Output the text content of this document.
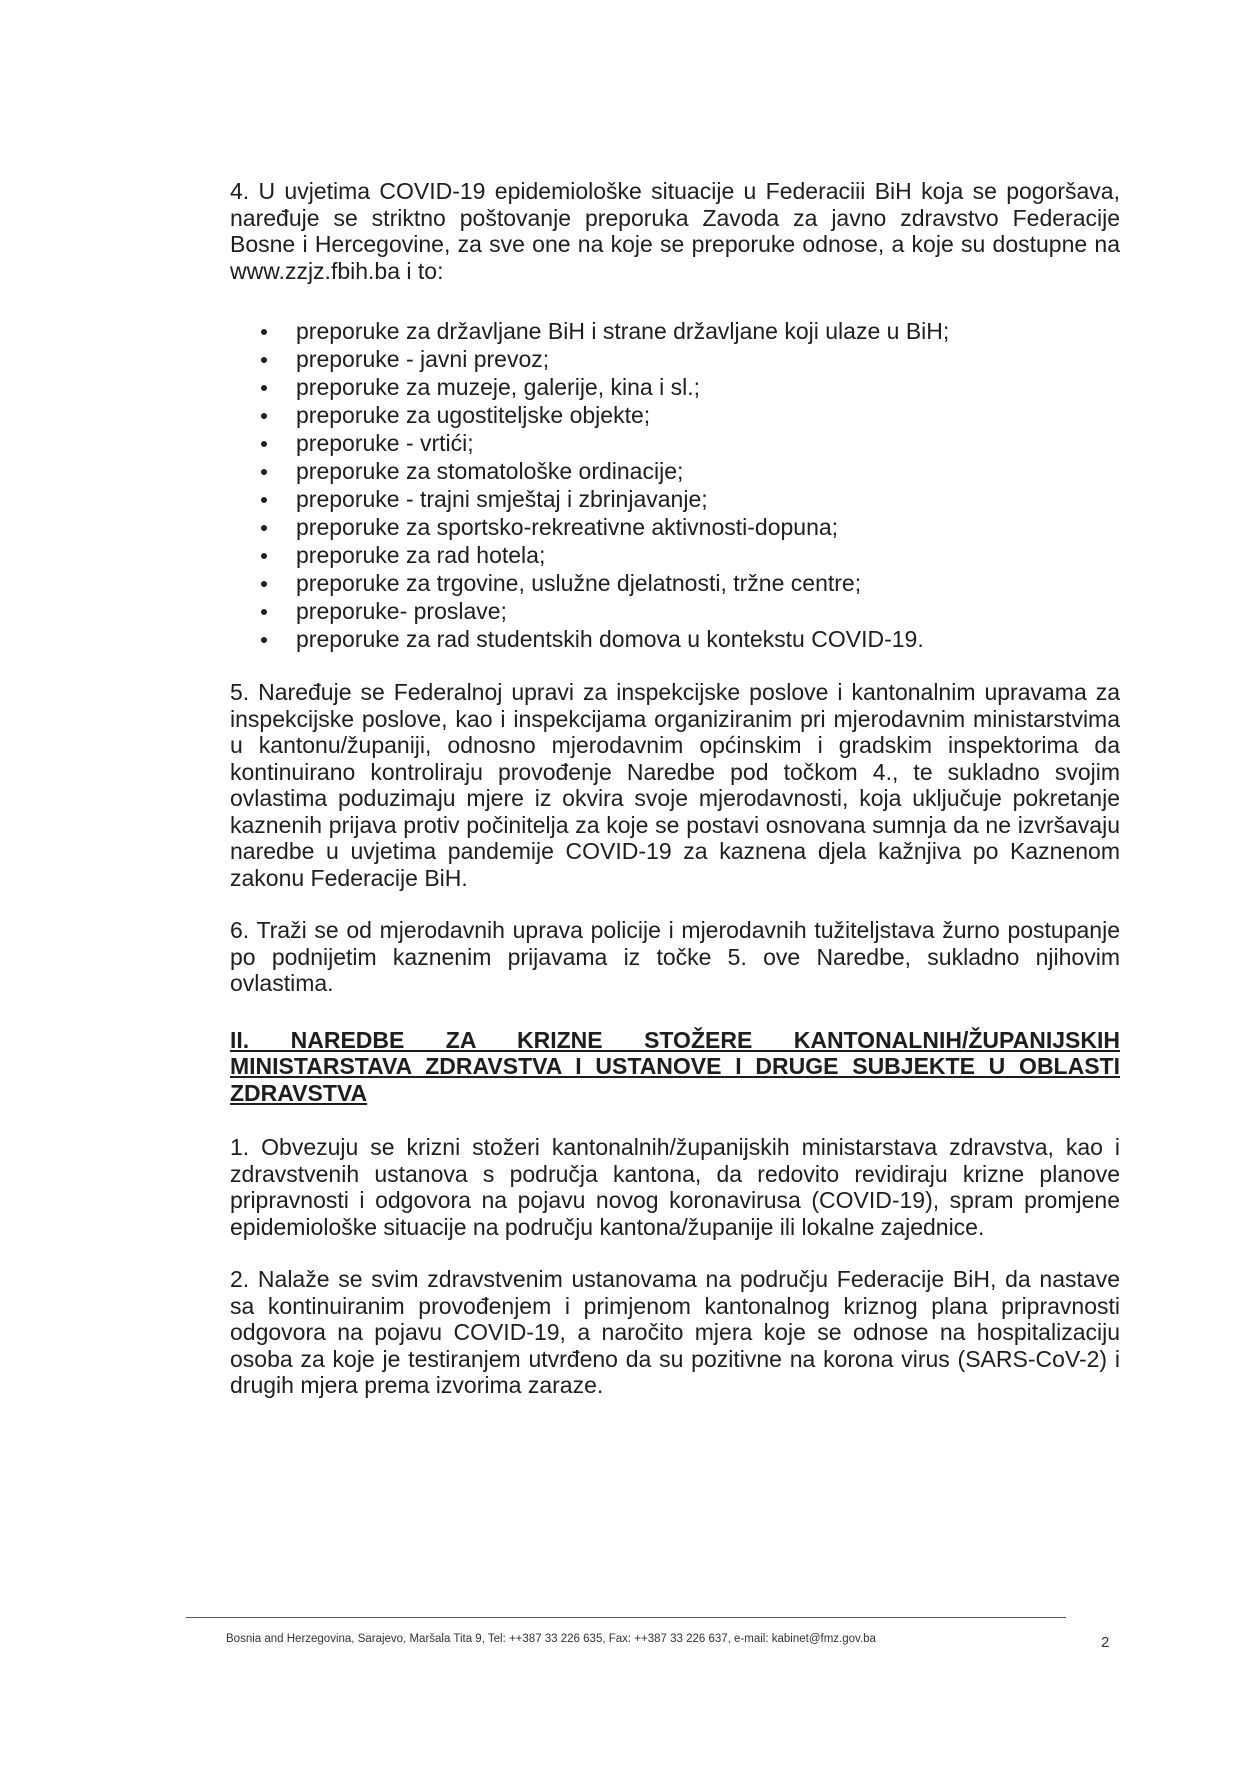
4. U uvjetima COVID-19 epidemiološke situacije u Federaciii BiH koja se pogoršava, naređuje se striktno poštovanje preporuka Zavoda za javno zdravstvo Federacije Bosne i Hercegovine, za sve one na koje se preporuke odnose, a koje su dostupne na www.zzjz.fbih.ba i to:

preporuke za državljane BiH i strane državljane koji ulaze u BiH;
preporuke - javni prevoz;
preporuke za muzeje, galerije, kina i sl.;
preporuke za ugostiteljske objekte;
preporuke - vrtići;
preporuke za stomatološke ordinacije;
preporuke - trajni smještaj i zbrinjavanje;
preporuke za sportsko-rekreativne aktivnosti-dopuna;
preporuke za rad hotela;
preporuke za trgovine, uslužne djelatnosti, tržne centre;
preporuke- proslave;
preporuke za rad studentskih domova u kontekstu COVID-19.

5. Naređuje se Federalnoj upravi za inspekcijske poslove i kantonalnim upravama za inspekcijske poslove, kao i inspekcijama organiziranim pri mjerodavnim ministarstvima u kantonu/županiji, odnosno mjerodavnim općinskim i gradskim inspektorima da kontinuirano kontroliraju provođenje Naredbe pod točkom 4., te sukladno svojim ovlastima poduzimaju mjere iz okvira svoje mjerodavnosti, koja uključuje pokretanje kaznenih prijava protiv počinitelja za koje se postavi osnovana sumnja da ne izvršavaju naredbe u uvjetima pandemije COVID-19 za kaznena djela kažnjiva po Kaznenom zakonu Federacije BiH.

6. Traži se od mjerodavnih uprava policije i mjerodavnih tužiteljstava žurno postupanje po podnijetim kaznenim prijavama iz točke 5. ove Naredbe, sukladno njihovim ovlastima.

II. NAREDBE ZA KRIZNE STOŽERE KANTONALNIH/ŽUPANIJSKIH MINISTARSTAVA ZDRAVSTVA I USTANOVE I DRUGE SUBJEKTE U OBLASTI ZDRAVSTVA

1. Obvezuju se krizni stožeri kantonalnih/županijskih ministarstava zdravstva, kao i zdravstvenih ustanova s područja kantona, da redovito revidiraju krizne planove pripravnosti i odgovora na pojavu novog koronavirusa (COVID-19), spram promjene epidemiološke situacije na području kantona/županije ili lokalne zajednice.

2. Nalaže se svim zdravstvenim ustanovama na području Federacije BiH, da nastave sa kontinuiranim provođenjem i primjenom kantonalnog kriznog plana pripravnosti odgovora na pojavu COVID-19, a naročito mjera koje se odnose na hospitalizaciju osoba za koje je testiranjem utvrđeno da su pozitivne na korona virus (SARS-CoV-2) i drugih mjera prema izvorima zaraze.

Bosnia and Herzegovina, Sarajevo, Maršala Tita 9, Tel: ++387 33 226 635, Fax: ++387 33 226 637, e-mail: kabinet@fmz.gov.ba	2
